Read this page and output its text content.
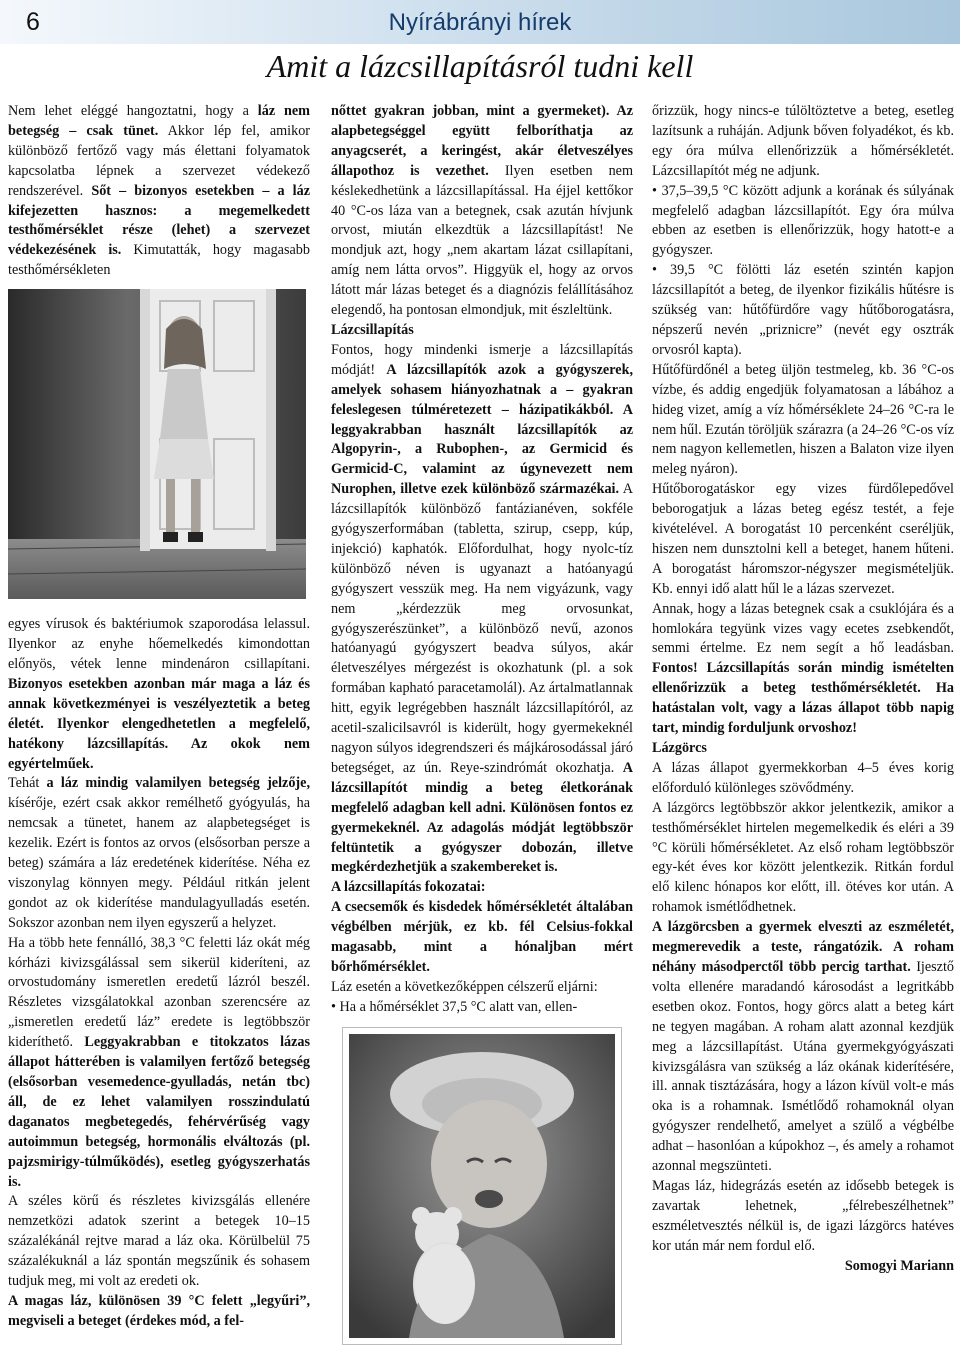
6	Nyírábrányi hírek
Amit a lázcsillapításról tudni kell

Nem lehet eléggé hangoztatni, hogy a láz nem betegség – csak tünet. Akkor lép fel, amikor különböző fertőző vagy más élettani folyamatok kapcsolatba lépnek a szervezet védekező rendszerével. Sőt – bizonyos esetekben – a láz kifejezetten hasznos: a megemelkedett testhőmérséklet része (lehet) a szervezet védekezésének is. Kimutatták, hogy magasabb testhőmérsékleten

egyes vírusok és baktériumok szaporodása lelassul. Ilyenkor az enyhe hőemelkedés kimondottan előnyös, vétek lenne mindenáron csillapítani. Bizonyos esetekben azonban már maga a láz és annak következményei is veszélyeztetik a beteg életét. Ilyenkor elengedhetetlen a megfelelő, hatékony lázcsillapítás. Az okok nem egyértelműek.

Tehát a láz mindig valamilyen betegség jelzője, kísérője, ezért csak akkor remélhető gyógyulás, ha nemcsak a tünetet, hanem az alapbetegséget is kezelik. Ezért is fontos az orvos (elsősorban persze a beteg) számára a láz eredetének kiderítése. Néha ez viszonylag könnyen megy. Például ritkán jelent gondot az ok kiderítése mandulagyulladás esetén. Sokszor azonban nem ilyen egyszerű a helyzet.

Ha a több hete fennálló, 38,3 °C feletti láz okát még kórházi kivizsgálással sem sikerül kideríteni, az orvostudomány ismeretlen eredetű lázról beszél. Részletes vizsgálatokkal azonban szerencsére az „ismeretlen eredetű láz” eredete is legtöbbször kideríthető. Leggyakrabban e titokzatos lázas állapot hátterében is valamilyen fertőző betegség (elsősorban vesemedence-gyulladás, netán tbc) áll, de ez lehet valamilyen rosszindulatú daganatos megbetegedés, fehérvérűség vagy autoimmun betegség, hormonális elváltozás (pl. pajzsmirigy-túlműködés), esetleg gyógyszerhatás is.

A széles körű és részletes kivizsgálás ellenére nemzetközi adatok szerint a betegek 10–15 százalékánál rejtve marad a láz oka. Körülbelül 75 százalékuknál a láz spontán megszűnik és sohasem tudjuk meg, mi volt az eredeti ok.

A magas láz, különösen 39 °C felett „legyűri”, megviseli a beteget (érdekes mód, a fel-

nőttet gyakran jobban, mint a gyermeket). Az alapbetegséggel együtt felboríthatja az anyagcserét, a keringést, akár életveszélyes állapothoz is vezethet. Ilyen esetben nem késlekedhetünk a lázcsillapítással. Ha éjjel kettőkor 40 °C-os láza van a betegnek, csak azután hívjunk orvost, miután elkezdtük a lázcsillapítást! Ne mondjuk azt, hogy „nem akartam lázat csillapítani, amíg nem látta orvos”. Higgyük el, hogy az orvos látott már lázas beteget és a diagnózis felállításához elegendő, ha pontosan elmondjuk, mit észleltünk.

Lázcsillapítás

Fontos, hogy mindenki ismerje a lázcsillapítás módját! A lázcsillapítók azok a gyógyszerek, amelyek sohasem hiányozhatnak a – gyakran feleslegesen túlméretezett – házipatikákból. A leggyakrabban használt lázcsillapítók az Algopyrin-, a Rubophen-, az Germicid és Germicid-C, valamint az úgynevezett nem Nurophen, illetve ezek különböző származékai. A lázcsillapítók különböző fantázianéven, sokféle gyógyszerformában (tabletta, szirup, csepp, kúp, injekció) kaphatók. Előfordulhat, hogy nyolc-tíz különböző néven is ugyanazt a hatóanyagú gyógyszert vesszük meg. Ha nem vigyázunk, vagy nem „kérdezzük meg orvosunkat, gyógyszerészünket”, a különböző nevű, azonos hatóanyagú gyógyszert beadva súlyos, akár életveszélyes mérgezést is okozhatunk (pl. a sok formában kapható paracetamolál). Az ártalmatlannak hitt, egyik legrégebben használt lázcsillapítóról, az acetil-szalicilsavról is kiderült, hogy gyermekeknél nagyon súlyos idegrendszeri és májkárosodással járó betegséget, az ún. Reye-szindrómát okozhatja. A lázcsillapítót mindig a beteg életkorának megfelelő adagban kell adni. Különösen fontos ez gyermekeknél. Az adagolás módját legtöbbször feltüntetik a gyógyszer dobozán, illetve megkérdezhetjük a szakembereket is.

A lázcsillapítás fokozatai:

A csecsemők és kisdedek hőmérsékletét általában végbélben mérjük, ez kb. fél Celsius-fokkal magasabb, mint a hónaljban mért bőrhőmérséklet.

Láz esetén a következőképpen célszerű eljárni:

• Ha a hőmérséklet 37,5 °C alatt van, ellen-

őrizzük, hogy nincs-e túlöltöztetve a beteg, esetleg lazítsunk a ruháján. Adjunk bőven folyadékot, és kb. egy óra múlva ellenőrizzük a hőmérsékletét. Lázcsillapítót még ne adjunk.

• 37,5–39,5 °C között adjunk a korának és súlyának megfelelő adagban lázcsillapítót. Egy óra múlva ebben az esetben is ellenőrizzük, hogy hatott-e a gyógyszer.

• 39,5 °C fölötti láz esetén szintén kapjon lázcsillapítót a beteg, de ilyenkor fizikális hűtésre is szükség van: hűtőfürdőre vagy hűtőborogatásra, népszerű nevén „priznicre” (nevét egy osztrák orvosról kapta).

Hűtőfürdőnél a beteg üljön testmeleg, kb. 36 °C-os vízbe, és addig engedjük folyamatosan a lábához a hideg vizet, amíg a víz hőmérséklete 24–26 °C-ra le nem hűl. Ezután töröljük szárazra (a 24–26 °C-os víz nem nagyon kellemetlen, hiszen a Balaton vize ilyen meleg nyáron).

Hűtőborogatáskor egy vizes fürdőlepedővel beborogatjuk a lázas beteg egész testét, a feje kivételével. A borogatást 10 percenként cseréljük, hiszen nem dunsztolni kell a beteget, hanem hűteni. A borogatást háromszor-négyszer megismételjük. Kb. ennyi idő alatt hűl le a lázas szervezet.

Annak, hogy a lázas betegnek csak a csuklójára és a homlokára tegyünk vizes vagy ecetes zsebkendőt, semmi értelme. Ez nem segít a hő leadásban. Fontos! Lázcsillapítás során mindig ismételten ellenőrizzük a beteg testhőmérsékletét. Ha hatástalan volt, vagy a lázas állapot több napig tart, mindig forduljunk orvoshoz!

Lázgörcs

A lázas állapot gyermekkorban 4–5 éves korig előforduló különleges szövődmény.

A lázgörcs legtöbbször akkor jelentkezik, amikor a testhőmérséklet hirtelen megemelkedik és eléri a 39 °C körüli hőmérsékletet. Az első roham legtöbbször egy-két éves kor között jelentkezik. Ritkán fordul elő kilenc hónapos kor előtt, ill. ötéves kor után. A rohamok ismétlődhetnek.

A lázgörcsben a gyermek elveszti az eszméletét, megmerevedik a teste, rángatózik. A roham néhány másodperctől több percig tarthat. Ijesztő volta ellenére maradandó károsodást a legritkább esetben okoz. Fontos, hogy görcs alatt a beteg kárt ne tegyen magában. A roham alatt azonnal kezdjük meg a lázcsillapítást. Utána gyermekgyógyászati kivizsgálásra van szükség a láz okának kiderítésére, ill. annak tisztázására, hogy a lázon kívül volt-e más oka is a rohamnak. Ismétlődő rohamoknál olyan gyógyszer rendelhető, amelyet a szülő a végbélbe adhat – hasonlóan a kúpokhoz –, és amely a rohamot azonnal megszünteti.

Magas láz, hidegrázás esetén az idősebb betegek is zavartak lehetnek, „félrebeszélhetnek” eszméletvesztés nélkül is, de igazi lázgörcs hatéves kor után már nem fordul elő.

Somogyi Mariann
